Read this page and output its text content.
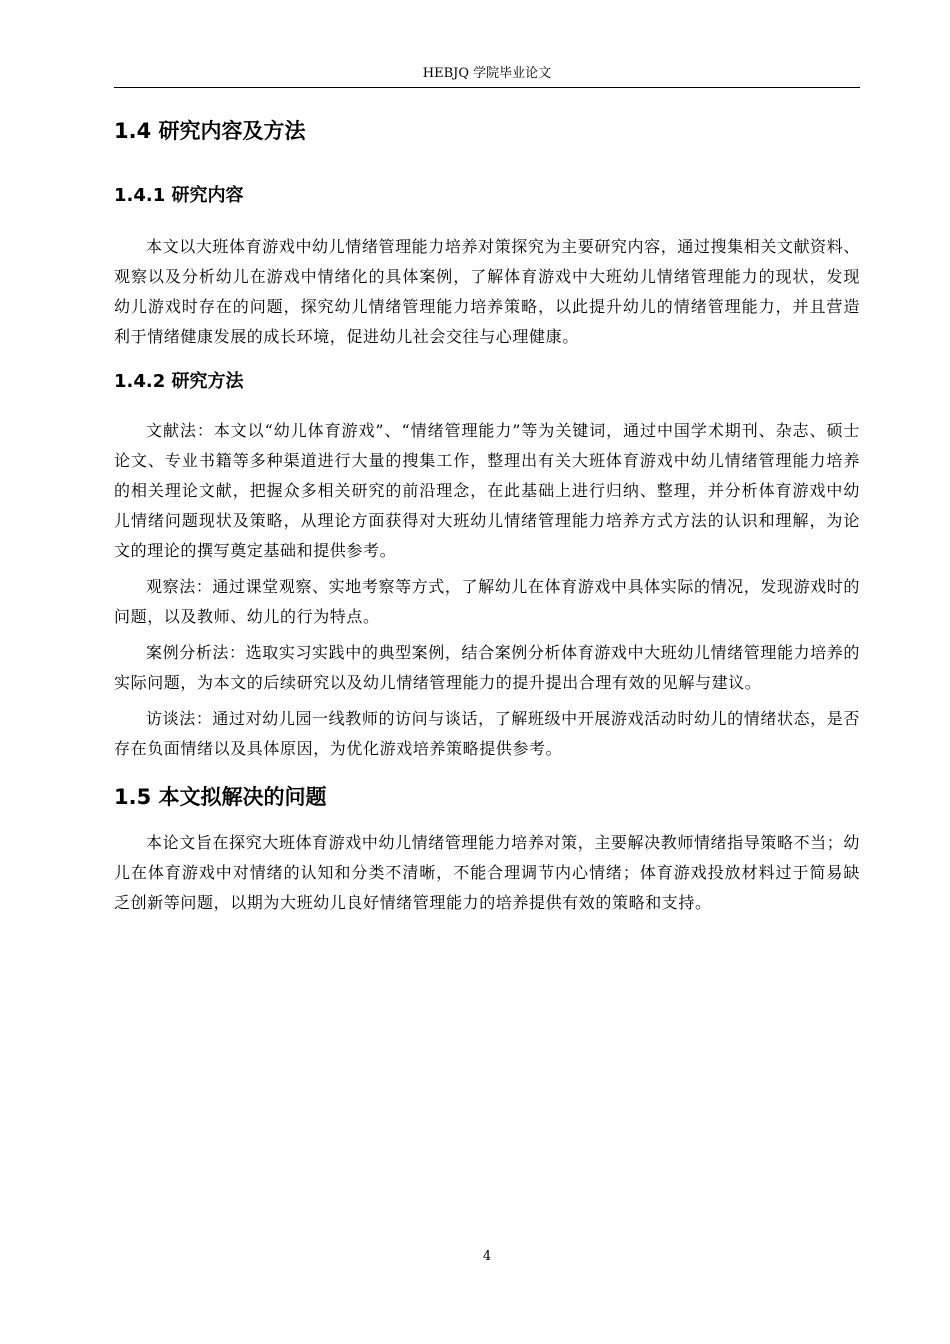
HEBJQ 学院毕业论文
1.4 研究内容及方法
1.4.1 研究内容

本文以大班体育游戏中幼儿情绪管理能力培养对策探究为主要研究内容，通过搜集相关文献资料、观察以及分析幼儿在游戏中情绪化的具体案例，了解体育游戏中大班幼儿情绪管理能力的现状，发现幼儿游戏时存在的问题，探究幼儿情绪管理能力培养策略，以此提升幼儿的情绪管理能力，并且营造利于情绪健康发展的成长环境，促进幼儿社会交往与心理健康。

1.4.2 研究方法

文献法：本文以“幼儿体育游戏”、“情绪管理能力”等为关键词，通过中国学术期刊、杂志、硕士论文、专业书籍等多种渠道进行大量的搜集工作，整理出有关大班体育游戏中幼儿情绪管理能力培养的相关理论文献，把握众多相关研究的前沿理念，在此基础上进行归纳、整理，并分析体育游戏中幼儿情绪问题现状及策略，从理论方面获得对大班幼儿情绪管理能力培养方式方法的认识和理解，为论文的理论的撰写奠定基础和提供参考。

观察法：通过课堂观察、实地考察等方式，了解幼儿在体育游戏中具体实际的情况，发现游戏时的问题，以及教师、幼儿的行为特点。

案例分析法：选取实习实践中的典型案例，结合案例分析体育游戏中大班幼儿情绪管理能力培养的实际问题，为本文的后续研究以及幼儿情绪管理能力的提升提出合理有效的见解与建议。

访谈法：通过对幼儿园一线教师的访问与谈话，了解班级中开展游戏活动时幼儿的情绪状态，是否存在负面情绪以及具体原因，为优化游戏培养策略提供参考。

1.5 本文拟解决的问题

本论文旨在探究大班体育游戏中幼儿情绪管理能力培养对策，主要解决教师情绪指导策略不当；幼儿在体育游戏中对情绪的认知和分类不清晰，不能合理调节内心情绪；体育游戏投放材料过于简易缺乏创新等问题，以期为大班幼儿良好情绪管理能力的培养提供有效的策略和支持。

4
